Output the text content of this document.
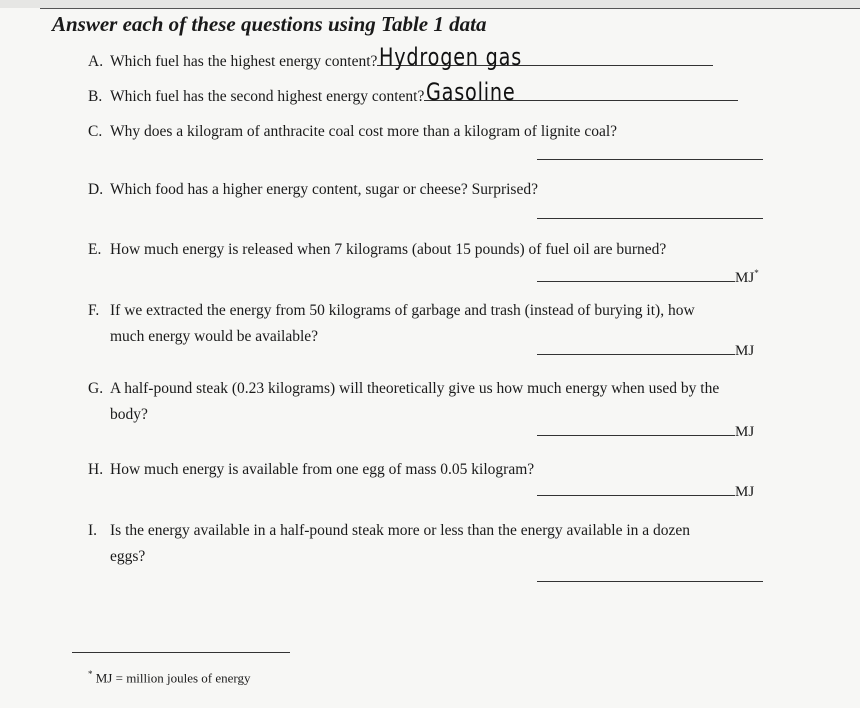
Answer each of these questions using Table 1 data
A. Which fuel has the highest energy content? Hydrogen gas
B. Which fuel has the second highest energy content? Gasoline
C. Why does a kilogram of anthracite coal cost more than a kilogram of lignite coal?
D. Which food has a higher energy content, sugar or cheese? Surprised?
E. How much energy is released when 7 kilograms (about 15 pounds) of fuel oil are burned?
MJ*
F. If we extracted the energy from 50 kilograms of garbage and trash (instead of burying it), how
much energy would be available?
MJ
G. A half-pound steak (0.23 kilograms) will theoretically give us how much energy when used by the
body?
MJ
H. How much energy is available from one egg of mass 0.05 kilogram?
MJ
I. Is the energy available in a half-pound steak more or less than the energy available in a dozen
eggs?
* MJ = million joules of energy
